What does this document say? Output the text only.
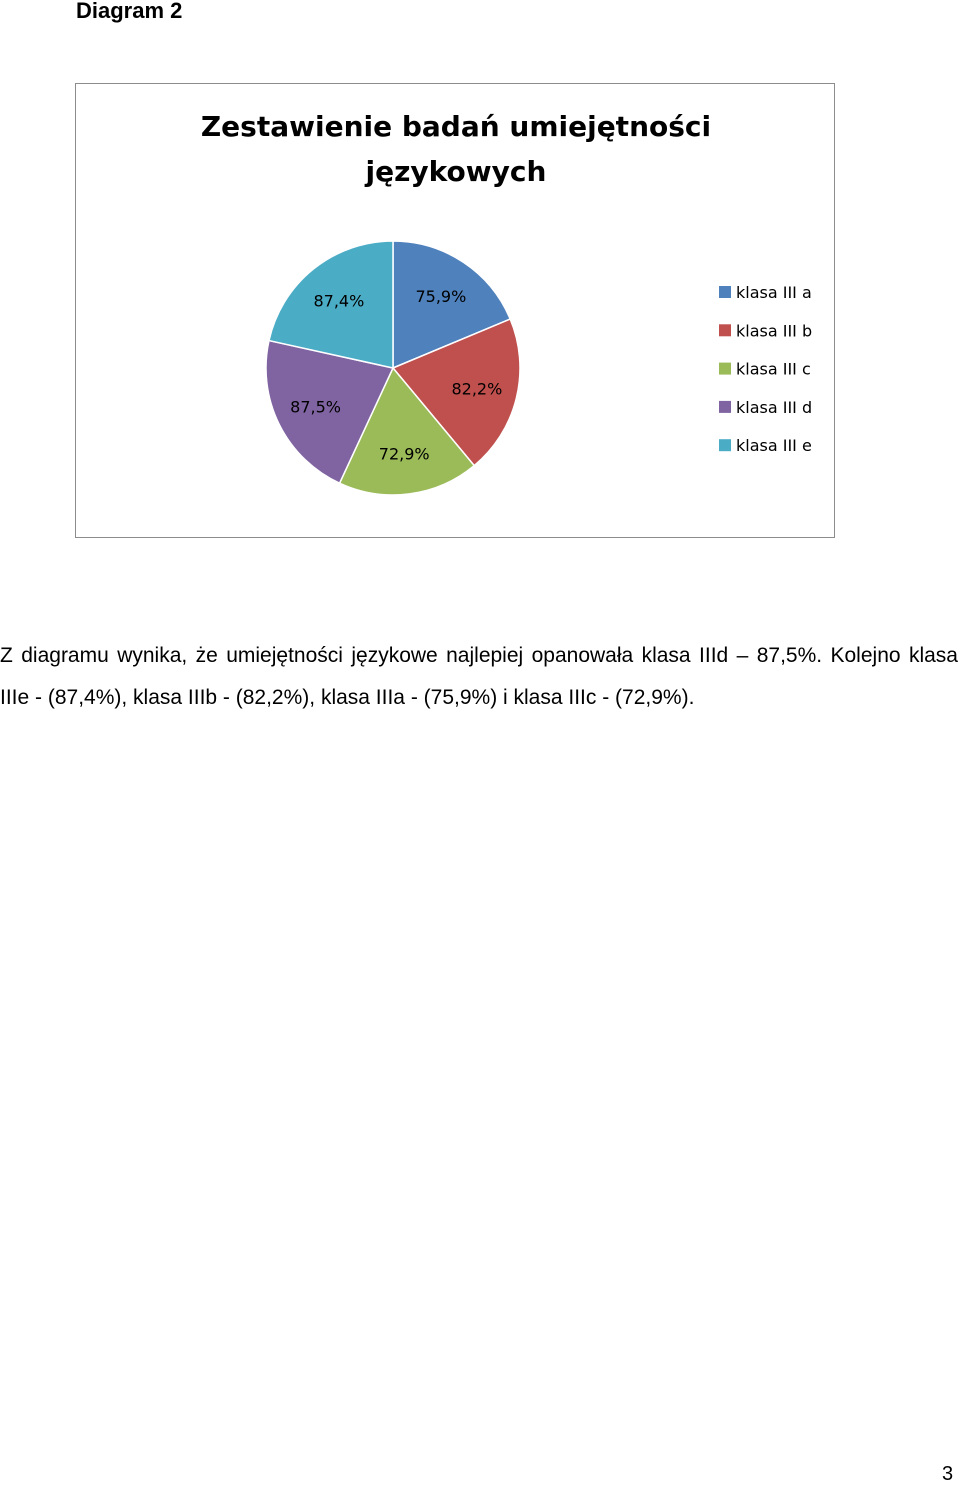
Diagram 2
Zestawienie badań umiejętności
językowych
75,9%
82,2%
72,9%
87,5%
87,4%	klasa III a
klasa III b
klasa III c
klasa III d
klasa III e

Z diagramu wynika, że umiejętności językowe najlepiej opanowała klasa IIId – 87,5%. Kolejno klasa IIIe - (87,4%), klasa IIIb - (82,2%), klasa IIIa - (75,9%) i klasa IIIc - (72,9%).

3
